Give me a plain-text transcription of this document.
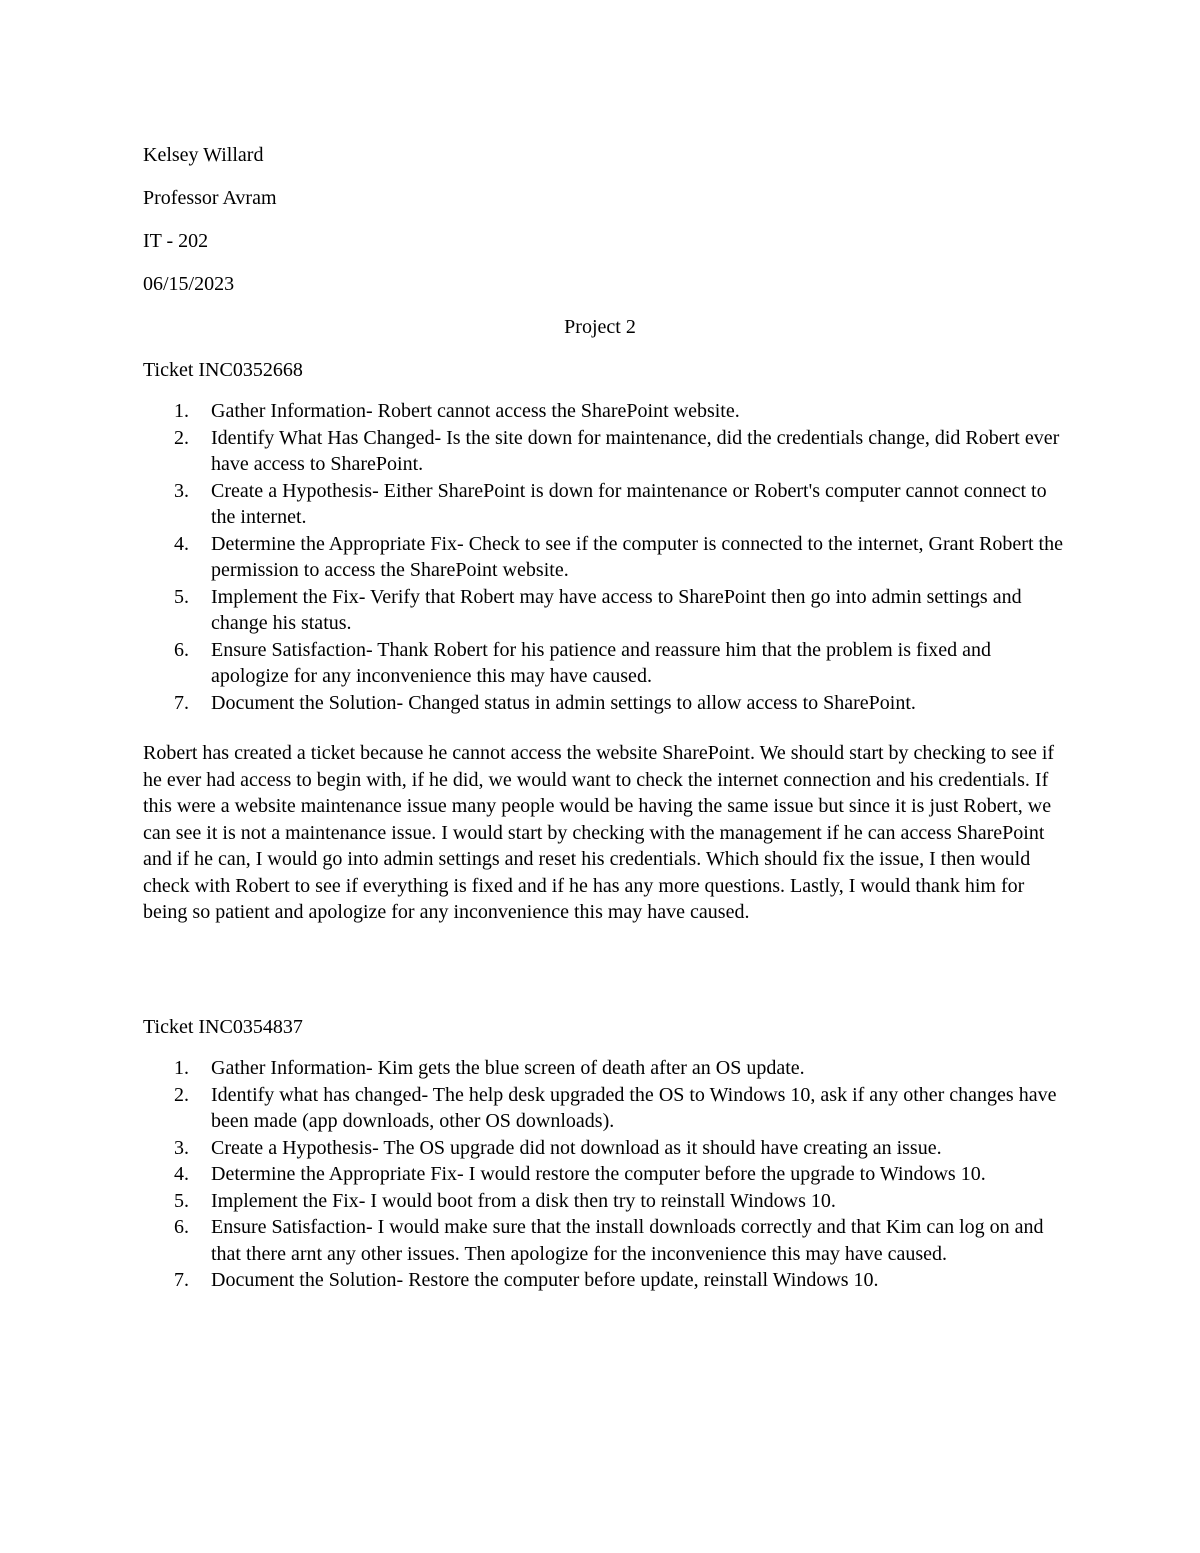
Kelsey Willard
Professor Avram
IT - 202
06/15/2023
Project 2
Ticket INC0352668
1.	Gather Information- Robert cannot access the SharePoint website.
2.	Identify What Has Changed- Is the site down for maintenance, did the credentials change, did Robert ever have access to SharePoint.
3.	Create a Hypothesis- Either SharePoint is down for maintenance or Robert's computer cannot connect to the internet.
4.	Determine the Appropriate Fix- Check to see if the computer is connected to the internet, Grant Robert the permission to access the SharePoint website.
5.	Implement the Fix- Verify that Robert may have access to SharePoint then go into admin settings and change his status.
6.	Ensure Satisfaction- Thank Robert for his patience and reassure him that the problem is fixed and apologize for any inconvenience this may have caused.
7.	Document the Solution- Changed status in admin settings to allow access to SharePoint.

Robert has created a ticket because he cannot access the website SharePoint. We should start by checking to see if he ever had access to begin with, if he did, we would want to check the internet connection and his credentials. If this were a website maintenance issue many people would be having the same issue but since it is just Robert, we can see it is not a maintenance issue. I would start by checking with the management if he can access SharePoint and if he can, I would go into admin settings and reset his credentials. Which should fix the issue, I then would check with Robert to see if everything is fixed and if he has any more questions. Lastly, I would thank him for being so patient and apologize for any inconvenience this may have caused.

Ticket INC0354837
1.	Gather Information- Kim gets the blue screen of death after an OS update.
2.	Identify what has changed- The help desk upgraded the OS to Windows 10, ask if any other changes have been made (app downloads, other OS downloads).
3.	Create a Hypothesis- The OS upgrade did not download as it should have creating an issue.
4.	Determine the Appropriate Fix- I would restore the computer before the upgrade to Windows 10.
5.	Implement the Fix- I would boot from a disk then try to reinstall Windows 10.
6.	Ensure Satisfaction- I would make sure that the install downloads correctly and that Kim can log on and that there arnt any other issues. Then apologize for the inconvenience this may have caused.
7.	Document the Solution- Restore the computer before update, reinstall Windows 10.
